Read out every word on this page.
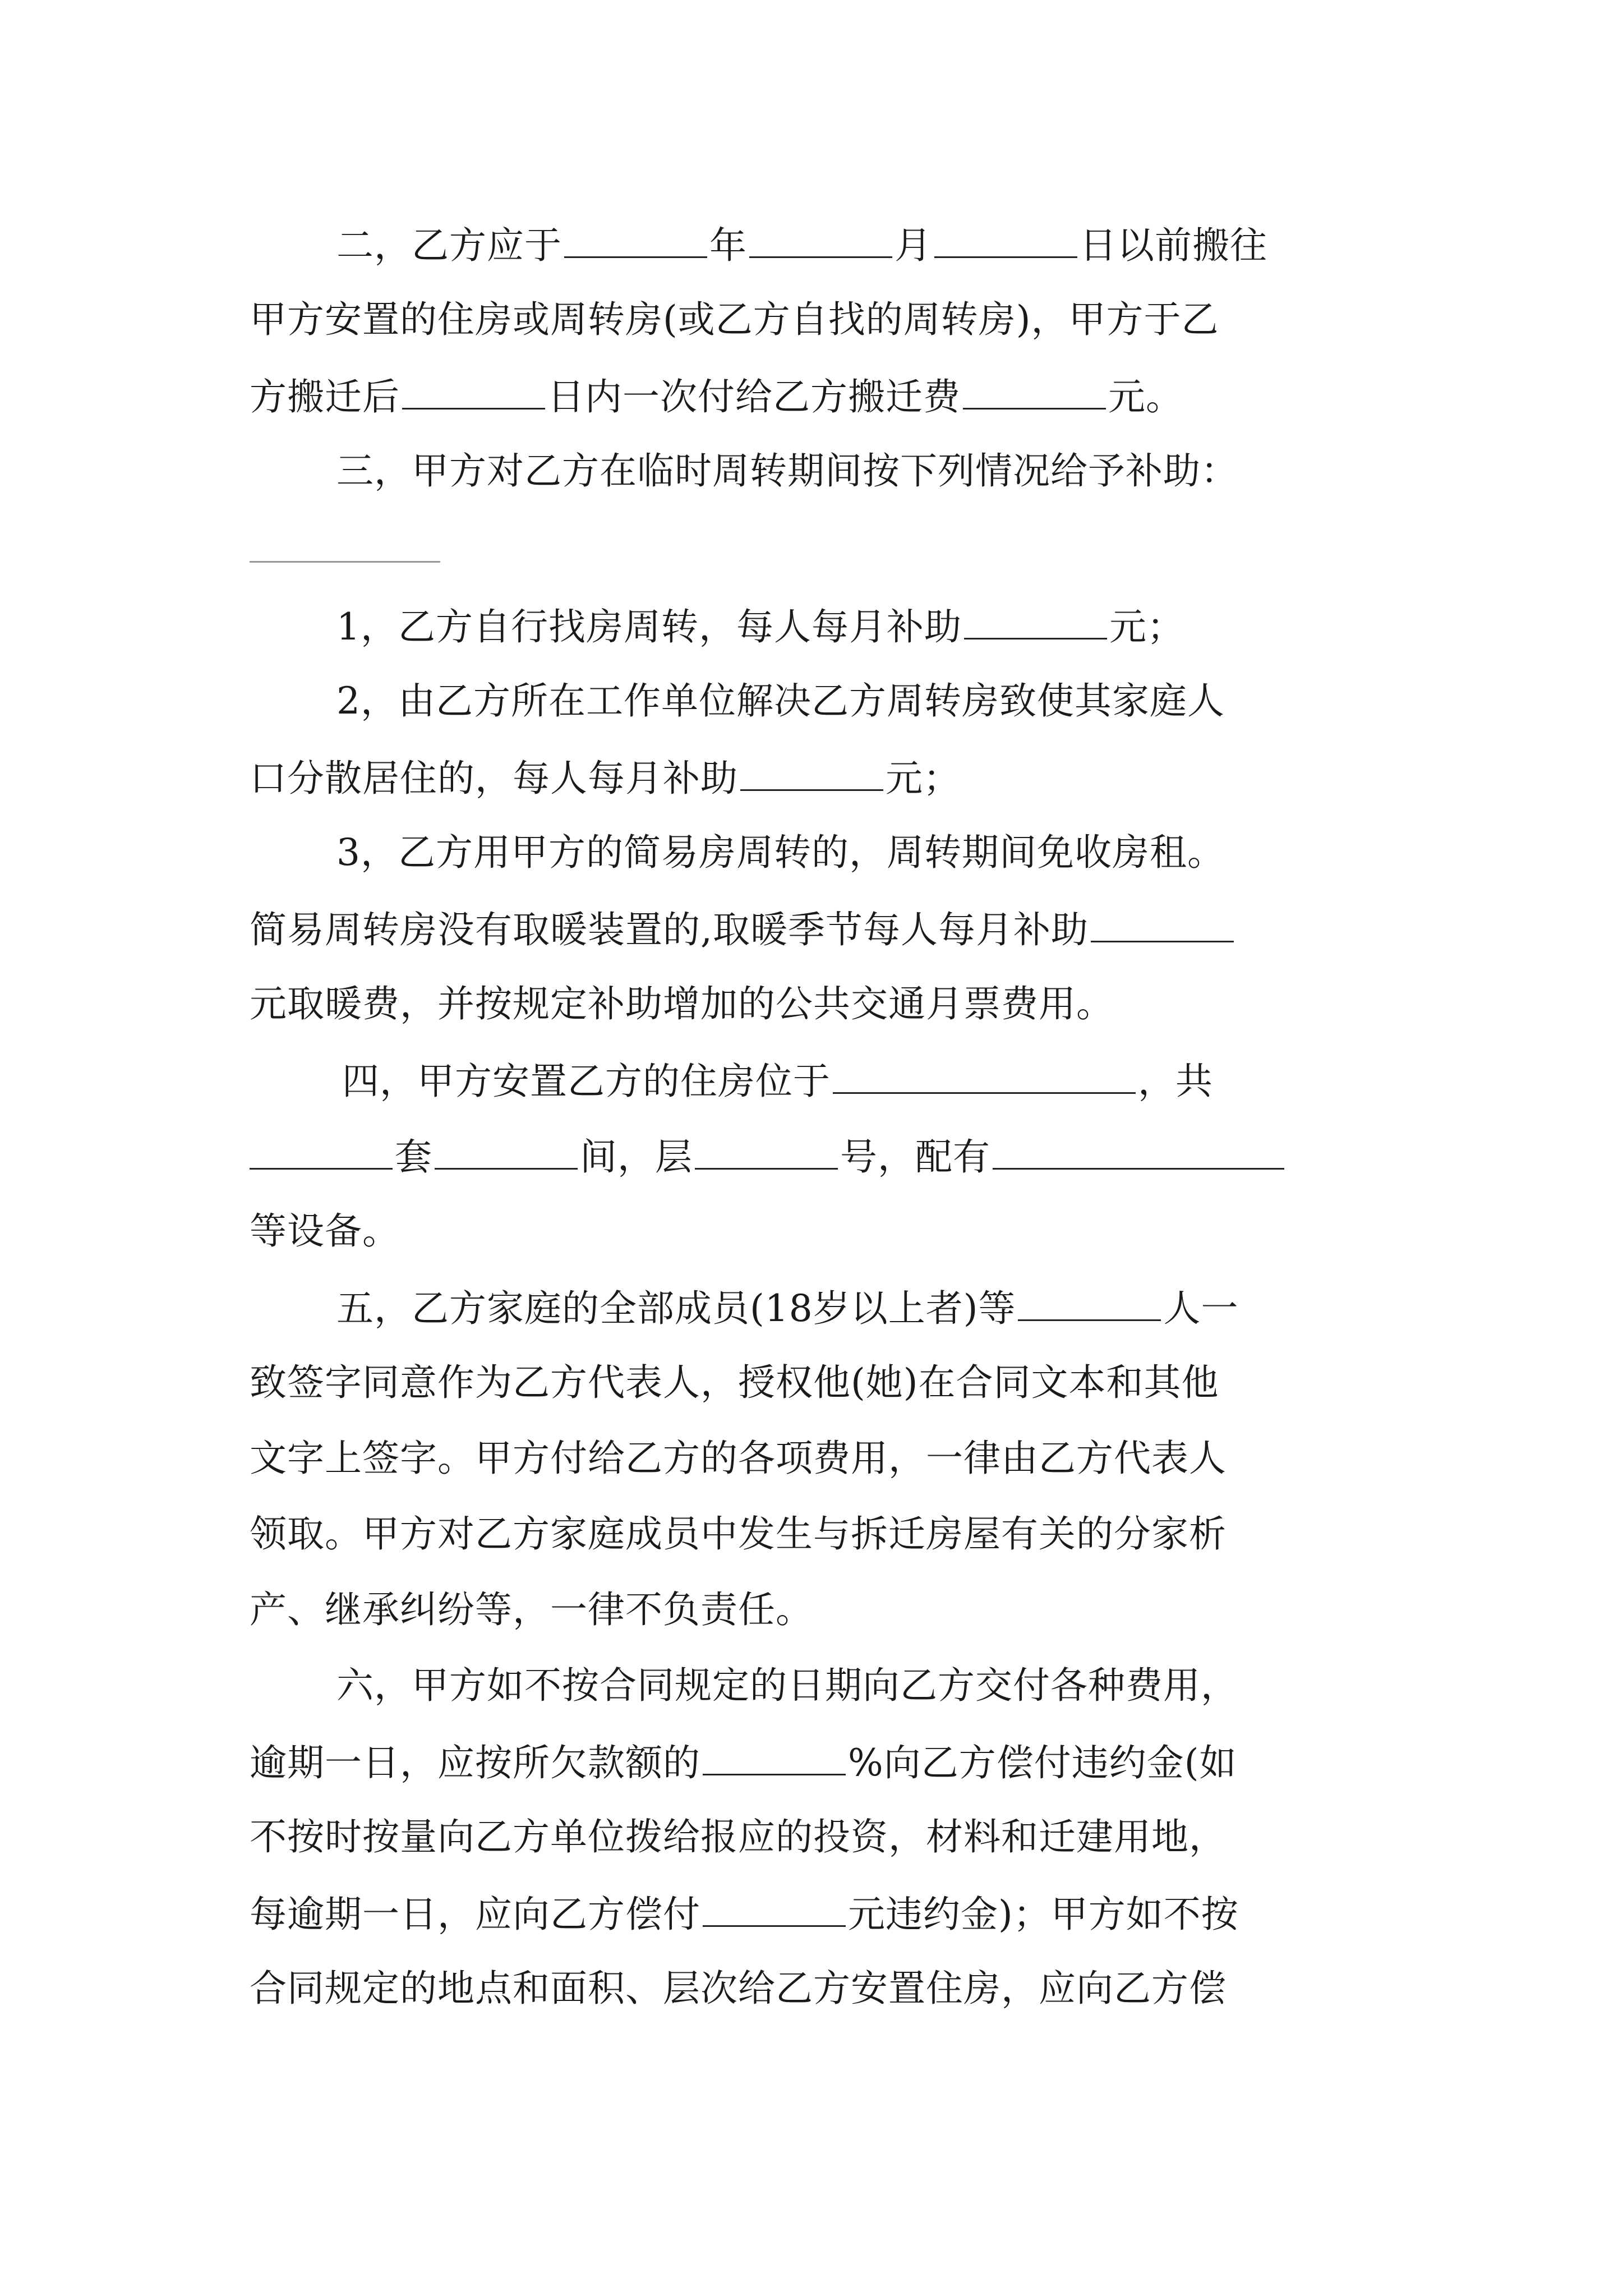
二，乙方应于	年	月	日以前搬往
甲方安置的住房或周转房(或乙方自找的周转房)，甲方于乙
方搬迁后	日内一次付给乙方搬迁费	元。
三，甲方对乙方在临时周转期间按下列情况给予补助：
1，乙方自行找房周转，每人每月补助	元；
2，由乙方所在工作单位解决乙方周转房致使其家庭人
口分散居住的，每人每月补助	元；
3，乙方用甲方的简易房周转的，周转期间免收房租。
简易周转房没有取暖装置的,取暖季节每人每月补助
元取暖费，并按规定补助增加的公共交通月票费用。
四，甲方安置乙方的住房位于	，共
套	间，层	号，配有
等设备。
五，乙方家庭的全部成员(18岁以上者)等	人一
致签字同意作为乙方代表人，授权他(她)在合同文本和其他
文字上签字。甲方付给乙方的各项费用，一律由乙方代表人
领取。甲方对乙方家庭成员中发生与拆迁房屋有关的分家析
产、继承纠纷等，一律不负责任。
六，甲方如不按合同规定的日期向乙方交付各种费用，
逾期一日，应按所欠款额的	%向乙方偿付违约金(如
不按时按量向乙方单位拨给报应的投资，材料和迁建用地，
每逾期一日，应向乙方偿付	元违约金)；甲方如不按
合同规定的地点和面积、层次给乙方安置住房，应向乙方偿
